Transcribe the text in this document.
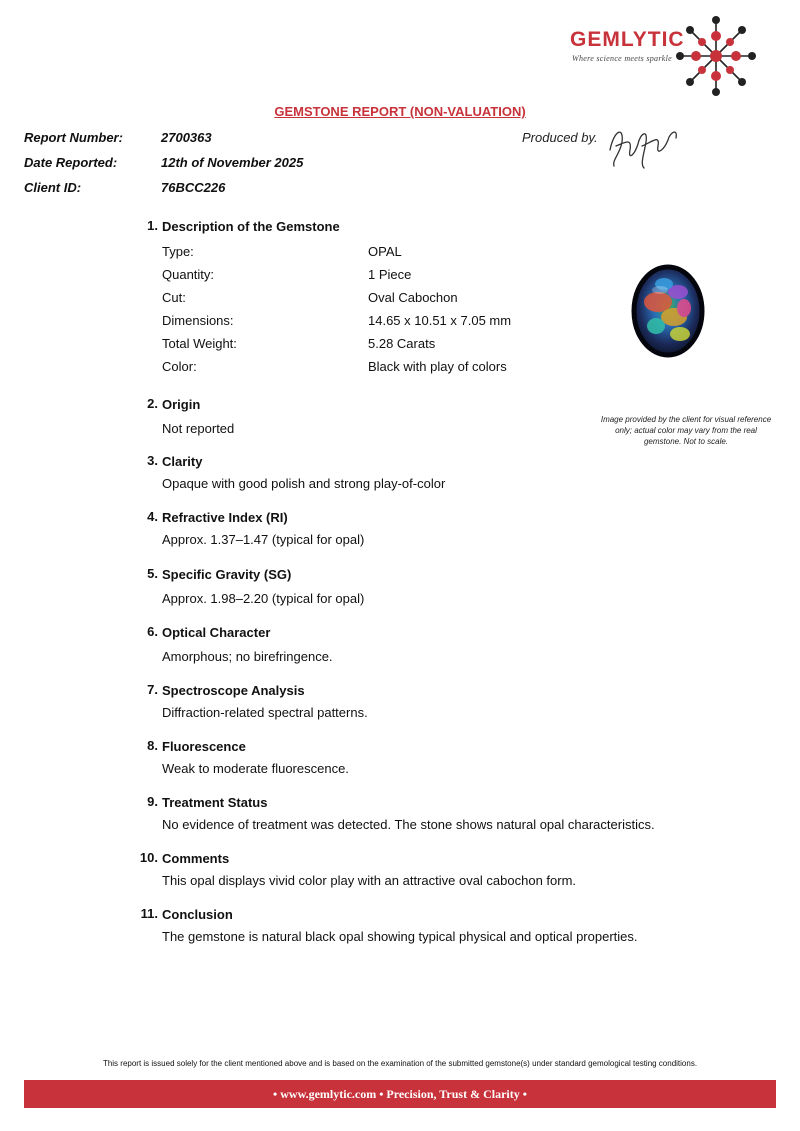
GEMLYTIC
Where science meets sparkle
GEMSTONE REPORT (NON-VALUATION)
Report Number:	2700363
Date Reported:	12th of November 2025
Client ID:	76BCC226
Produced by.
1. Description of the Gemstone
Type:	OPAL
Quantity:	1 Piece
Cut:	Oval Cabochon
Dimensions:	14.65 x 10.51 x 7.05 mm
Total Weight:	5.28 Carats
Color:	Black with play of colors
2. Origin
Not reported
3. Clarity
Opaque with good polish and strong play-of-color
4. Refractive Index (RI)
Approx. 1.37–1.47 (typical for opal)
5. Specific Gravity (SG)
Approx. 1.98–2.20 (typical for opal)
6. Optical Character
Amorphous; no birefringence.
7. Spectroscope Analysis
Diffraction-related spectral patterns.
8. Fluorescence
Weak to moderate fluorescence.
9. Treatment Status
No evidence of treatment was detected. The stone shows natural opal characteristics.
10. Comments
This opal displays vivid color play with an attractive oval cabochon form.
11. Conclusion
The gemstone is natural black opal showing typical physical and optical properties.
Image provided by the client for visual reference only; actual color may vary from the real gemstone. Not to scale.
This report is issued solely for the client mentioned above and is based on the examination of the submitted gemstone(s) under standard gemological testing conditions.
• www.gemlytic.com • Precision, Trust & Clarity •
